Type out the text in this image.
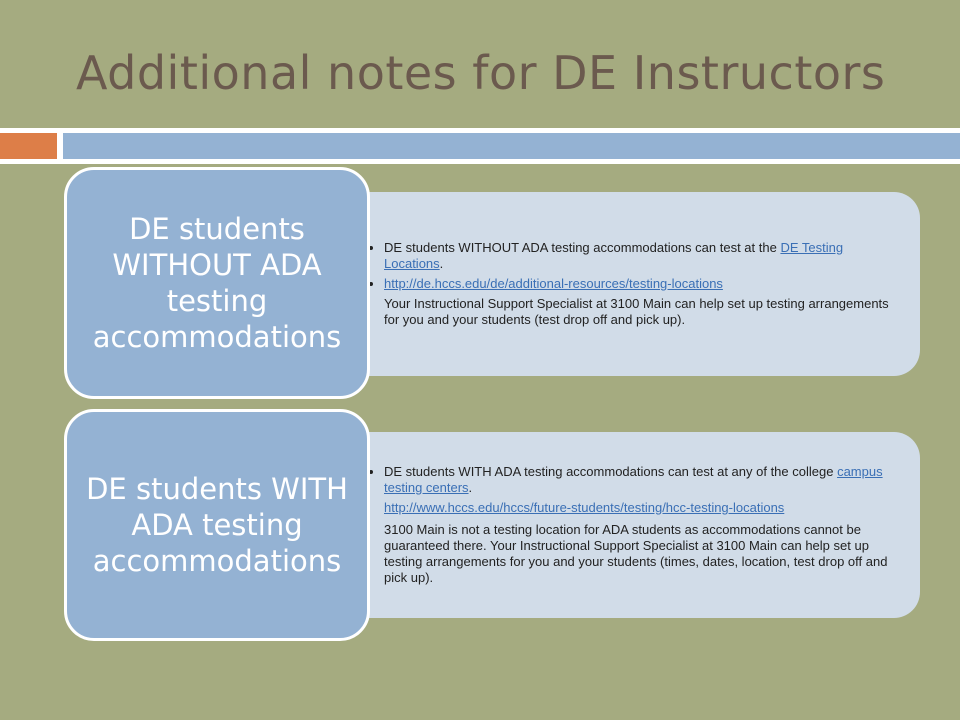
Additional notes for DE Instructors
• DE students WITHOUT ADA testing accommodations can test at the DE Testing Locations.
• http://de.hccs.edu/de/additional-resources/testing-locations

Your Instructional Support Specialist at 3100 Main can help set up testing arrangements for you and your students (test drop off and pick up).

DE students WITHOUT ADA testing accommodations
• DE students WITH ADA testing accommodations can test at any of the college campus testing centers.

http://www.hccs.edu/hccs/future-students/testing/hcc-testing-locations

3100 Main is not a testing location for ADA students as accommodations cannot be guaranteed there. Your Instructional Support Specialist at 3100 Main can help set up testing arrangements for you and your students (times, dates, location, test drop off and pick up).

DE students WITH ADA testing accommodations
